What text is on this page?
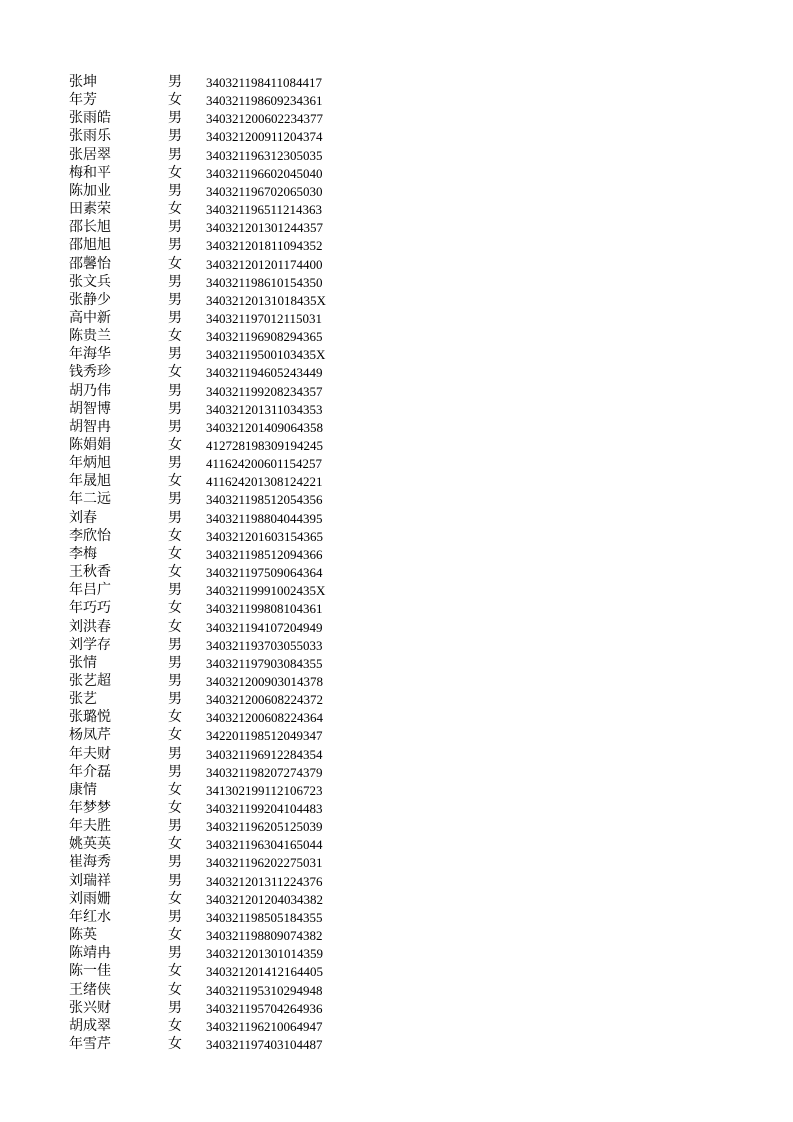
张坤	男 340321198411084417
年芳	女 340321198609234361
张雨皓	男 340321200602234377
张雨乐	男 340321200911204374
张居翠	男 340321196312305035
梅和平	女 340321196602045040
陈加业	男 340321196702065030
田素荣	女 340321196511214363
邵长旭	男 340321201301244357
邵旭旭	男 340321201811094352
邵馨怡	女 340321201201174400
张文兵	男 340321198610154350
张静少	男 34032120131018435X
高中新	男 340321197012115031
陈贵兰	女 340321196908294365
年海华	男 34032119500103435X
钱秀珍	女 340321194605243449
胡乃伟	男 340321199208234357
胡智博	男 340321201311034353
胡智冉	男 340321201409064358
陈娟娟	女 412728198309194245
年炳旭	男 411624200601154257
年晟旭	女 411624201308124221
年二远	男 340321198512054356
刘春	男 340321198804044395
李欣怡	女 340321201603154365
李梅	女 340321198512094366
王秋香	女 340321197509064364
年吕广	男 34032119991002435X
年巧巧	女 340321199808104361
刘洪春	女 340321194107204949
刘学存	男 340321193703055033
张情	男 340321197903084355
张艺超	男 340321200903014378
张艺	男 340321200608224372
张璐悦	女 340321200608224364
杨凤芹	女 342201198512049347
年夫财	男 340321196912284354
年介磊	男 340321198207274379
康情	女 341302199112106723
年梦梦	女 340321199204104483
年夫胜	男 340321196205125039
姚英英	女 340321196304165044
崔海秀	男 340321196202275031
刘瑞祥	男 340321201311224376
刘雨姗	女 340321201204034382
年红水	男 340321198505184355
陈英	女 340321198809074382
陈靖冉	男 340321201301014359
陈一佳	女 340321201412164405
王绪侠	女 340321195310294948
张兴财	男 340321195704264936
胡成翠	女 340321196210064947
年雪芹	女 340321197403104487
